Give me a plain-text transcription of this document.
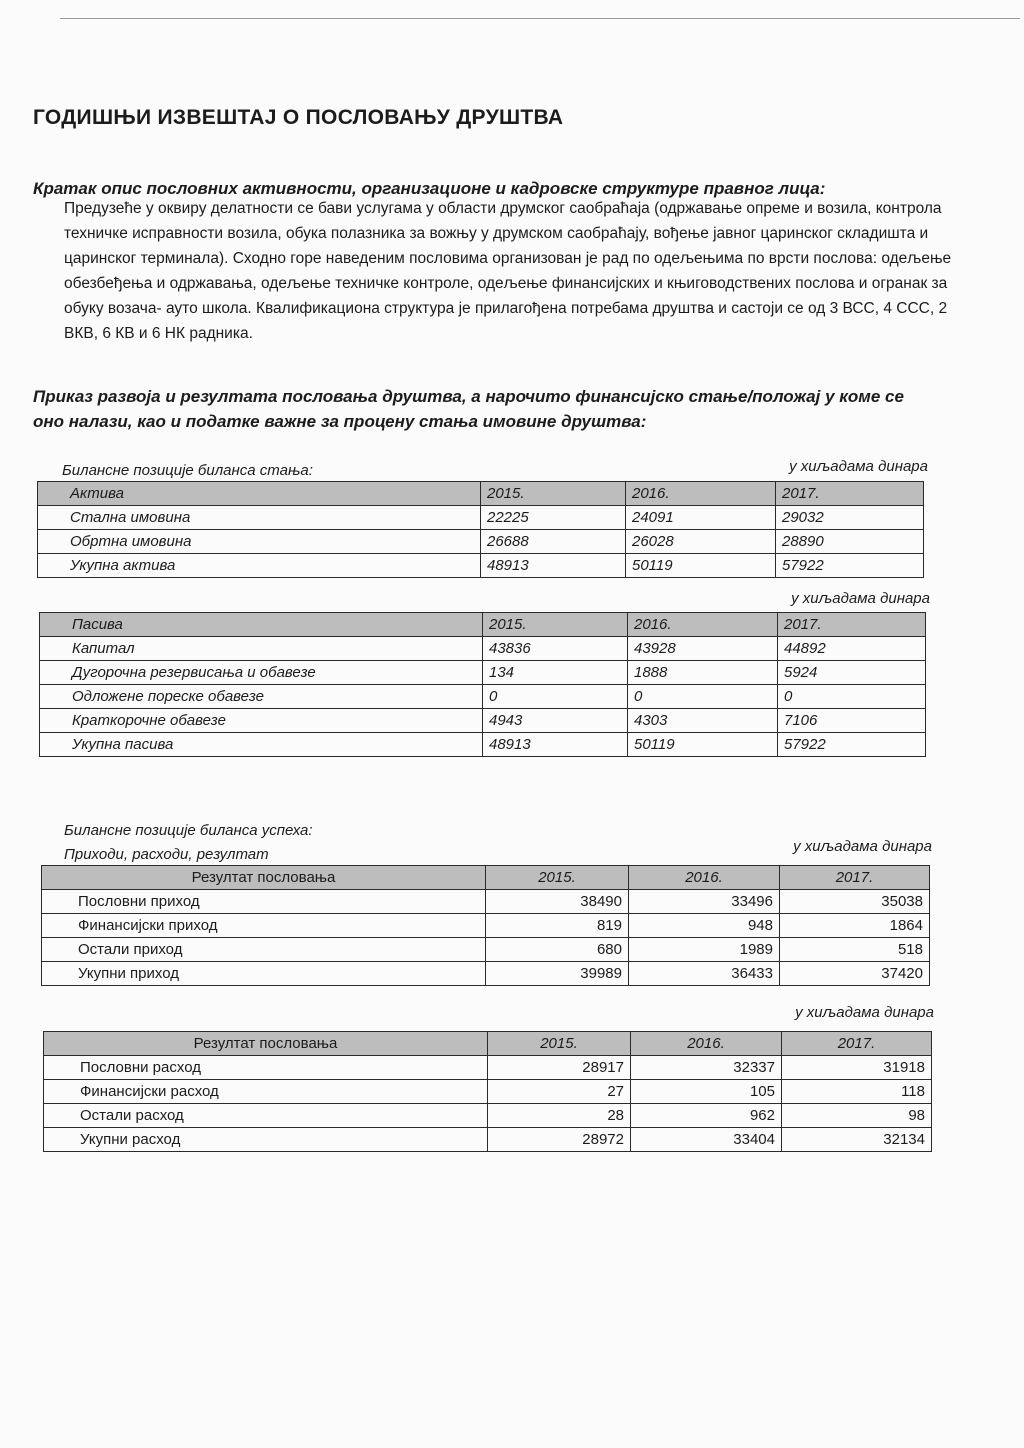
ГОДИШЊИ ИЗВЕШТАЈ О ПОСЛОВАЊУ ДРУШТВА

Кратак опис пословних активности, организационе и кадровске структуре правног лица:

Предузеће у оквиру делатности се бави услугама у области друмског саобраћаја (одржавање опреме и возила, контрола техничке исправности возила, обука полазника за вожњу у друмском саобраћају, вођење јавног царинског складишта и царинског терминала). Сходно горе наведеним пословима организован је рад по одељењима по врсти послова: одељење обезбеђења и одржавања, одељење техничке контроле, одељење финансијских и књиговодствених послова и огранак за обуку возача- ауто школа. Квалификациона структура је прилагођена потребама друштва и састоји се од 3 ВСС, 4 ССС, 2 ВКВ, 6 КВ и 6 НК радника.

Приказ развоја и резултата пословања друштва, а нарочито финансијско стање/положај у коме се оно налази, као и податке важне за процену стања имовине друштва:

Билансне позиције биланса стања:	у хиљадама динара
Актива	2015.	2016.	2017.
Стална имовина	22225	24091	29032
Обртна имовина	26688	26028	28890
Укупна актива	48913	50119	57922
у хиљадама динара
Пасива	2015.	2016.	2017.
Капитал	43836	43928	44892
Дугорочна резервисања и обавезе	134	1888	5924
Одложене пореске обавезе	0	0	0
Краткорочне обавезе	4943	4303	7106
Укупна пасива	48913	50119	57922
Билансне позиције биланса успеха:
Приходи, расходи, резултат	у хиљадама динара
Резултат пословања	2015.	2016.	2017.
Пословни приход	38490	33496	35038
Финансијски приход	819	948	1864
Остали приход	680	1989	518
Укупни приход	39989	36433	37420
у хиљадама динара
Резултат пословања	2015.	2016.	2017.
Пословни расход	28917	32337	31918
Финансијски расход	27	105	118
Остали расход	28	962	98
Укупни расход	28972	33404	32134
